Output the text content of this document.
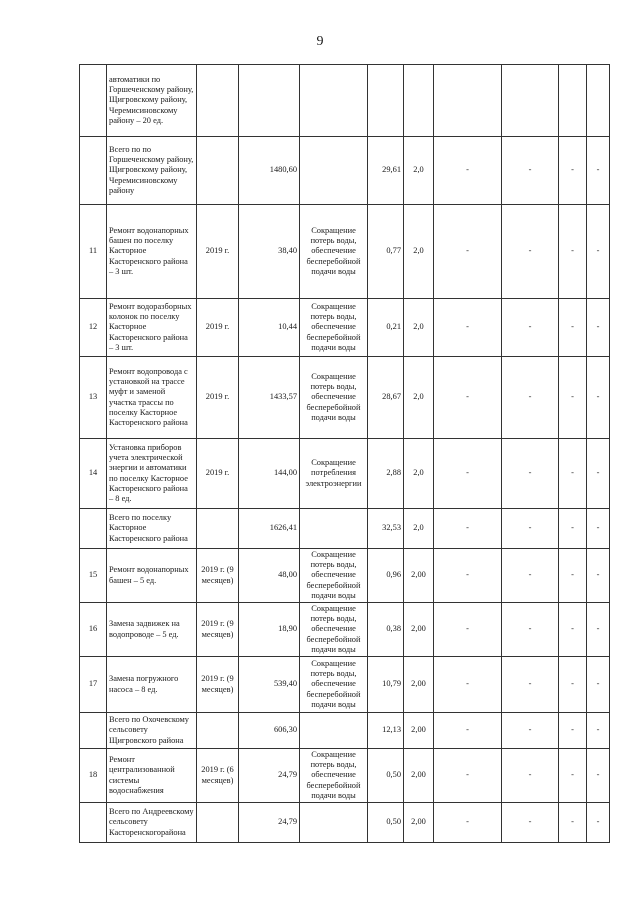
9
	автоматики по Горшеченскому району, Щигровскому району, Черемисиновскому району – 20 ед.									
	Всего по по Горшеченскому району, Щигровскому району, Черемисиновскому району		1480,60		29,61	2,0	-	-	-	-
11	Ремонт водонапорных башен по поселку Касторное Касторенского района – 3 шт.	2019 г.	38,40	Сокращение потерь воды, обеспечение бесперебойной подачи воды	0,77	2,0	-	-	-	-
12	Ремонт водоразборных колонок по поселку Касторное Касторенского района – 3 шт.	2019 г.	10,44	Сокращение потерь воды, обеспечение бесперебойной подачи воды	0,21	2,0	-	-	-	-
13	Ремонт водопровода с установкой на трассе муфт и заменой участка трассы по поселку Касторное Касторенского района	2019 г.	1433,57	Сокращение потерь воды, обеспечение бесперебойной подачи воды	28,67	2,0	-	-	-	-
14	Установка приборов учета электрической энергии и автоматики по поселку Касторное Касторенского района – 8 ед.	2019 г.	144,00	Сокращение потребления электроэнергии	2,88	2,0	-	-	-	-
	Всего по поселку Касторное Касторенского района		1626,41		32,53	2,0	-	-	-	-
15	Ремонт водонапорных башен – 5 ед.	2019 г. (9 месяцев)	48,00	Сокращение потерь воды, обеспечение бесперебойной подачи воды	0,96	2,00	-	-	-	-
16	Замена задвижек на водопроводе – 5 ед.	2019 г. (9 месяцев)	18,90	Сокращение потерь воды, обеспечение бесперебойной подачи воды	0,38	2,00	-	-	-	-
17	Замена погружного насоса – 8 ед.	2019 г. (9 месяцев)	539,40	Сокращение потерь воды, обеспечение бесперебойной подачи воды	10,79	2,00	-	-	-	-
	Всего по Охочевскому сельсовету Щигровского района		606,30		12,13	2,00	-	-	-	-
18	Ремонт централизованной системы водоснабжения	2019 г. (6 месяцев)	24,79	Сокращение потерь воды, обеспечение бесперебойной подачи воды	0,50	2,00	-	-	-	-
	Всего по Андреевскому сельсовету Касторенскогорайона		24,79		0,50	2,00	-	-	-	-
